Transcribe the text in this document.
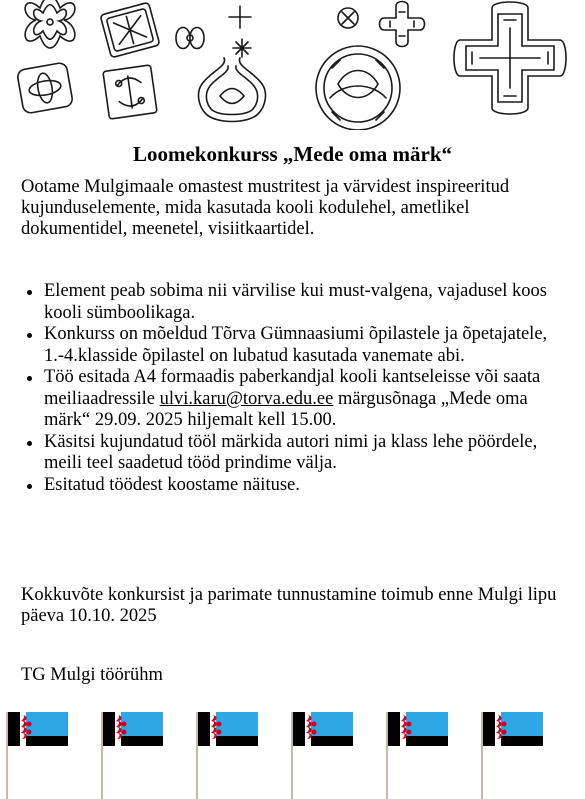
Loomekonkurss „Mede oma märk“
Ootame Mulgimaale omastest mustritest ja värvidest inspireeritud kujunduselemente, mida kasutada kooli kodulehel, ametlikel dokumentidel, meenetel, visiitkaartidel.
Element peab sobima nii värvilise kui must-valgena, vajadusel koos kooli sümboolikaga.
Konkurss on mõeldud Tõrva Gümnaasiumi õpilastele ja õpetajatele, 1.-4.klasside õpilastel on lubatud kasutada vanemate abi.
Töö esitada A4 formaadis paberkandjal kooli kantseleisse või saata meiliaadressile ulvi.karu@torva.edu.ee märgusõnaga „Mede oma märk“ 29.09. 2025 hiljemalt kell 15.00.
Käsitsi kujundatud tööl märkida autori nimi ja klass lehe pöördele, meili teel saadetud tööd prindime välja.
Esitatud töödest koostame näituse.
Kokkuvõte konkursist ja parimate tunnustamine toimub enne Mulgi lipu päeva 10.10. 2025
TG Mulgi töörühm
